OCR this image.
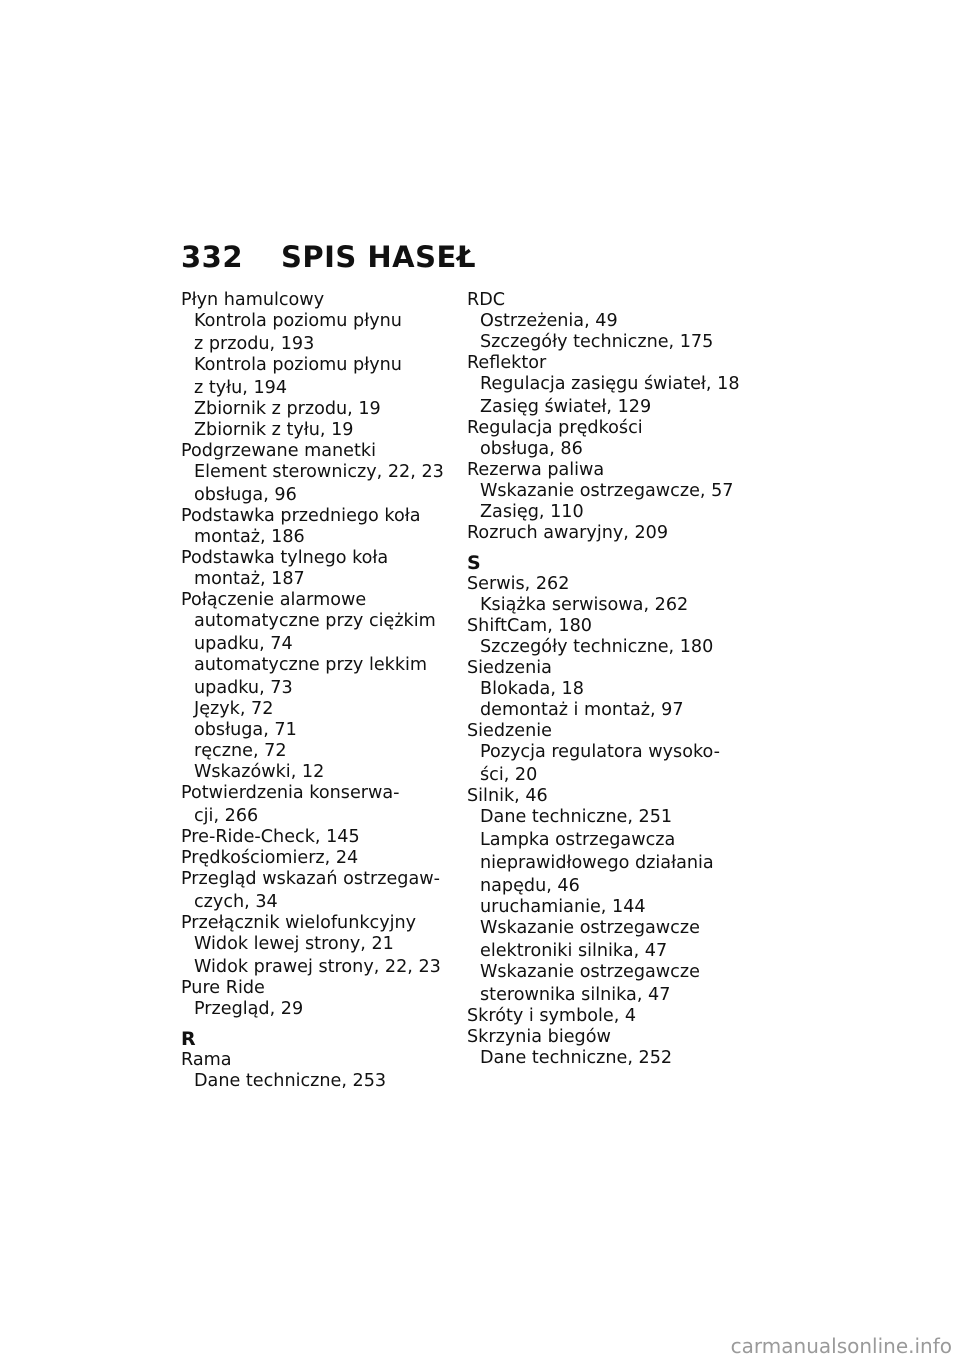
332 SPIS HASEŁ
Płyn hamulcowy
Kontrola poziomu płynu
z przodu, 193
Kontrola poziomu płynu
z tyłu, 194
Zbiornik z przodu, 19
Zbiornik z tyłu, 19
Podgrzewane manetki
Element sterowniczy, 22, 23
obsługa, 96
Podstawka przedniego koła
montaż, 186
Podstawka tylnego koła
montaż, 187
Połączenie alarmowe
automatyczne przy ciężkim
upadku, 74
automatyczne przy lekkim
upadku, 73
Język, 72
obsługa, 71
ręczne, 72
Wskazówki, 12
Potwierdzenia konserwa-
cji, 266
Pre-Ride-Check, 145
Prędkościomierz, 24
Przegląd wskazań ostrzegaw-
czych, 34
Przełącznik wielofunkcyjny
Widok lewej strony, 21
Widok prawej strony, 22, 23
Pure Ride
Przegląd, 29
R
Rama
Dane techniczne, 253
RDC
Ostrzeżenia, 49
Szczegóły techniczne, 175
Reflektor
Regulacja zasięgu świateł, 18
Zasięg świateł, 129
Regulacja prędkości
obsługa, 86
Rezerwa paliwa
Wskazanie ostrzegawcze, 57
Zasięg, 110
Rozruch awaryjny, 209
S
Serwis, 262
Książka serwisowa, 262
ShiftCam, 180
Szczegóły techniczne, 180
Siedzenia
Blokada, 18
demontaż i montaż, 97
Siedzenie
Pozycja regulatora wysoko-
ści, 20
Silnik, 46
Dane techniczne, 251
Lampka ostrzegawcza
nieprawidłowego działania
napędu, 46
uruchamianie, 144
Wskazanie ostrzegawcze
elektroniki silnika, 47
Wskazanie ostrzegawcze
sterownika silnika, 47
Skróty i symbole, 4
Skrzynia biegów
Dane techniczne, 252
carmanualsonline.info
